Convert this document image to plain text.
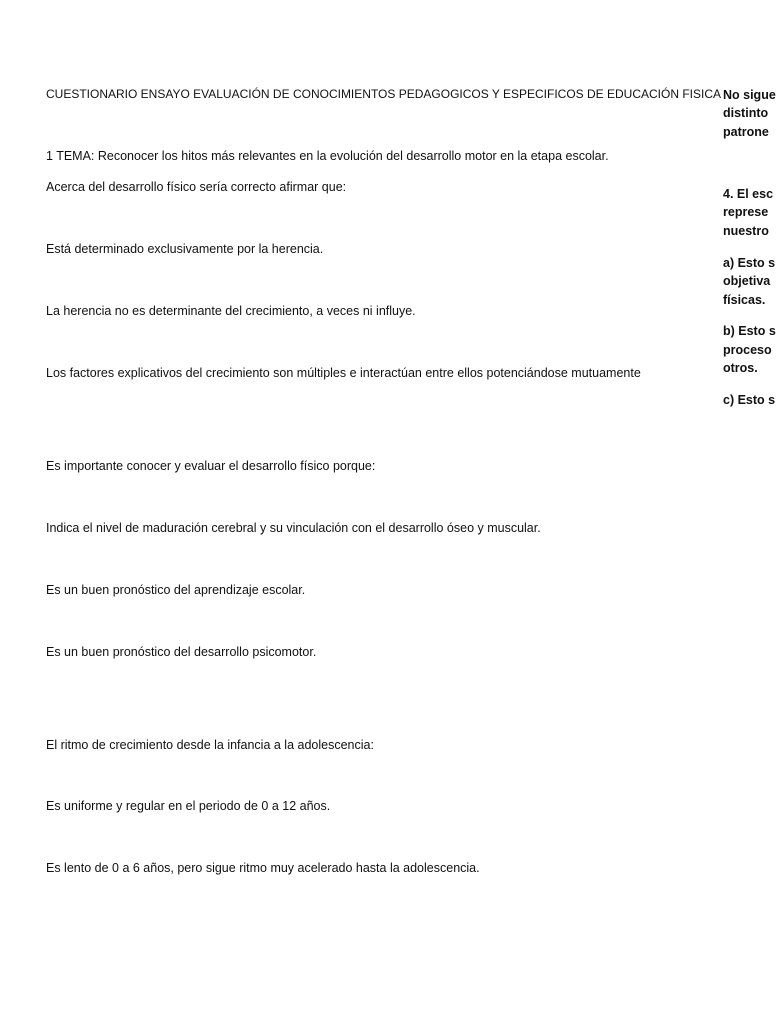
CUESTIONARIO ENSAYO EVALUACIÓN DE CONOCIMIENTOS PEDAGOGICOS Y ESPECIFICOS DE EDUCACIÓN FISICA
1 TEMA: Reconocer los hitos más relevantes en la evolución del desarrollo motor en la etapa escolar.
Acerca del desarrollo físico sería correcto afirmar que:
Está determinado exclusivamente por la herencia.
La herencia no es determinante del crecimiento, a veces ni influye.
Los factores explicativos del crecimiento son múltiples e interactúan entre ellos potenciándose mutuamente
Es importante conocer y evaluar el desarrollo físico porque:
Indica el nivel de maduración cerebral y su vinculación con el desarrollo óseo y muscular.
Es un buen pronóstico del aprendizaje escolar.
Es un buen pronóstico del desarrollo psicomotor.
El ritmo de crecimiento desde la infancia a la adolescencia:
Es uniforme y regular en el periodo de 0 a 12 años.
Es lento de 0 a 6 años, pero sigue ritmo muy acelerado hasta la adolescencia.
No sigue
distinto
patrone
4. El esc
represe
nuestro
a) Esto s
objetiva
físicas.
b) Esto s
proceso
otros.
c) Esto s
